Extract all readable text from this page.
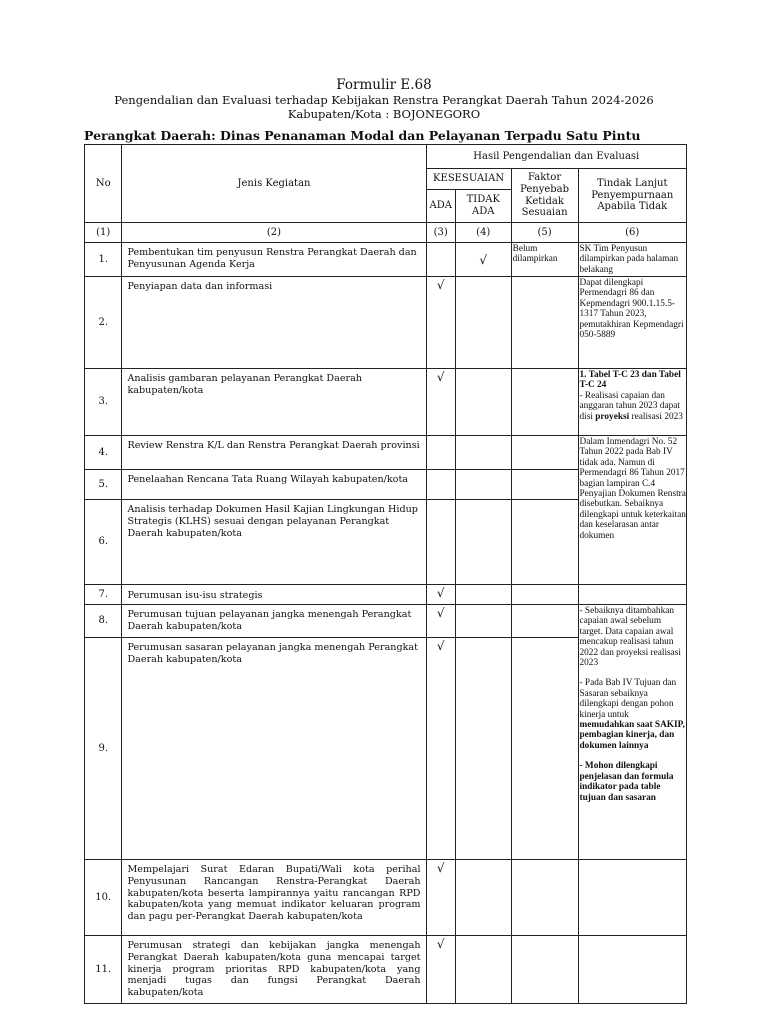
Formulir E.68
Pengendalian dan Evaluasi terhadap Kebijakan Renstra Perangkat Daerah Tahun 2024-2026
Kabupaten/Kota : BOJONEGORO
Perangkat Daerah: Dinas Penanaman Modal dan Pelayanan Terpadu Satu Pintu
No	Jenis Kegiatan	Hasil Pengendalian dan Evaluasi			
		KESESUAIAN		Faktor Penyebab Ketidak Sesuaian	Tindak Lanjut Penyempurnaan Apabila Tidak
		ADA	TIDAK ADA		
(1)	(2)	(3)	(4)	(5)	(6)
1.	Pembentukan tim penyusun Renstra Perangkat Daerah dan Penyusunan Agenda Kerja		√	Belum dilampirkan	SK Tim Penyusun dilampirkan pada halaman belakang
2.	Penyiapan data dan informasi	√			Dapat dilengkapi Permendagri 86 dan Kepmendagri 900.1.15.5-1317 Tahun 2023, pemutakhiran Kepmendagri 050-5889
3.	Analisis gambaran pelayanan Perangkat Daerah kabupaten/kota	√			1. Tabel T-C 23 dan Tabel T-C 24
- Realisasi capaian dan anggaran tahun 2023 dapat disi proyeksi realisasi 2023
4.	Review Renstra K/L dan Renstra Perangkat Daerah provinsi				Dalam Inmendagri No. 52 Tahun 2022 pada Bab IV tidak ada. Namun di Permendagri 86 Tahun 2017 bagian lampiran C.4 Penyajian Dokumen Renstra disebutkan. Sebaiknya dilengkapi untuk keterkaitan dan keselarasan antar dokumen
5.	Penelaahan Rencana Tata Ruang Wilayah kabupaten/kota				
6.	Analisis terhadap Dokumen Hasil Kajian Lingkungan Hidup Strategis (KLHS) sesuai dengan pelayanan Perangkat Daerah kabupaten/kota				
7.	Perumusan isu-isu strategis	√			
8.	Perumusan tujuan pelayanan jangka menengah Perangkat Daerah kabupaten/kota	√			- Sebaiknya ditambahkan capaian awal sebelum target. Data capaian awal mencakup realisasi tahun 2022 dan proyeksi realisasi 2023
- Pada Bab IV Tujuan dan Sasaran sebaiknya dilengkapi dengan pohon kinerja untuk
memudahkan saat SAKIP, pembagian kinerja, dan dokumen lainnya
- Mohon dilengkapi penjelasan dan formula indikator pada table tujuan dan sasaran

9.	Perumusan sasaran pelayanan jangka menengah Perangkat Daerah kabupaten/kota	√			
10.	Mempelajari Surat Edaran Bupati/Wali kota perihal Penyusunan Rancangan Renstra-Perangkat Daerah kabupaten/kota beserta lampirannya yaitu rancangan RPD kabupaten/kota yang memuat indikator keluaran program dan pagu per-Perangkat Daerah kabupaten/kota	√			
11.	Perumusan strategi dan kebijakan jangka menengah Perangkat Daerah kabupaten/kota guna mencapai target kinerja program prioritas RPD kabupaten/kota yang menjadi tugas dan fungsi Perangkat Daerah kabupaten/kota	√			
